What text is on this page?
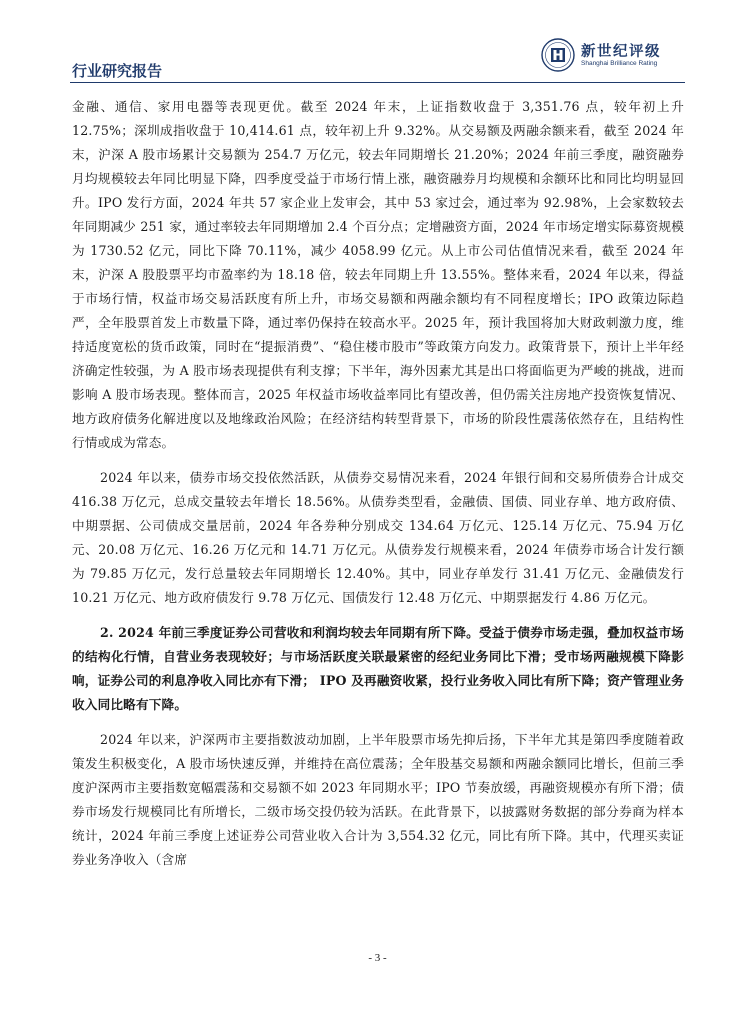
行业研究报告
新世纪评级
Shanghai Brilliance Rating

金融、通信、家用电器等表现更优。截至 2024 年末，上证指数收盘于 3,351.76 点，较年初上升 12.75%；深圳成指收盘于 10,414.61 点，较年初上升 9.32%。从交易额及两融余额来看，截至 2024 年末，沪深 A 股市场累计交易额为 254.7 万亿元，较去年同期增长 21.20%；2024 年前三季度，融资融券月均规模较去年同比明显下降，四季度受益于市场行情上涨，融资融券月均规模和余额环比和同比均明显回升。IPO 发行方面，2024 年共 57 家企业上发审会，其中 53 家过会，通过率为 92.98%，上会家数较去年同期减少 251 家，通过率较去年同期增加 2.4 个百分点；定增融资方面，2024 年市场定增实际募资规模为 1730.52 亿元，同比下降 70.11%，减少 4058.99 亿元。从上市公司估值情况来看，截至 2024 年末，沪深 A 股股票平均市盈率约为 18.18 倍，较去年同期上升 13.55%。整体来看，2024 年以来，得益于市场行情，权益市场交易活跃度有所上升，市场交易额和两融余额均有不同程度增长；IPO 政策边际趋严，全年股票首发上市数量下降，通过率仍保持在较高水平。2025 年，预计我国将加大财政刺激力度，维持适度宽松的货币政策，同时在“提振消费”、“稳住楼市股市”等政策方向发力。政策背景下，预计上半年经济确定性较强，为 A 股市场表现提供有利支撑；下半年，海外因素尤其是出口将面临更为严峻的挑战，进而影响 A 股市场表现。整体而言，2025 年权益市场收益率同比有望改善，但仍需关注房地产投资恢复情况、地方政府债务化解进度以及地缘政治风险；在经济结构转型背景下，市场的阶段性震荡依然存在，且结构性行情或成为常态。

2024 年以来，债券市场交投依然活跃，从债券交易情况来看，2024 年银行间和交易所债券合计成交 416.38 万亿元，总成交量较去年增长 18.56%。从债券类型看，金融债、国债、同业存单、地方政府债、中期票据、公司债成交量居前，2024 年各券种分别成交 134.64 万亿元、125.14 万亿元、75.94 万亿元、20.08 万亿元、16.26 万亿元和 14.71 万亿元。从债券发行规模来看，2024 年债券市场合计发行额为 79.85 万亿元，发行总量较去年同期增长 12.40%。其中，同业存单发行 31.41 万亿元、金融债发行 10.21 万亿元、地方政府债发行 9.78 万亿元、国债发行 12.48 万亿元、中期票据发行 4.86 万亿元。

2. 2024 年前三季度证券公司营收和利润均较去年同期有所下降。受益于债券市场走强，叠加权益市场的结构化行情，自营业务表现较好；与市场活跃度关联最紧密的经纪业务同比下滑；受市场两融规模下降影响，证券公司的利息净收入同比亦有下滑； IPO 及再融资收紧，投行业务收入同比有所下降；资产管理业务收入同比略有下降。

2024 年以来，沪深两市主要指数波动加剧，上半年股票市场先抑后扬，下半年尤其是第四季度随着政策发生积极变化，A 股市场快速反弹，并维持在高位震荡；全年股基交易额和两融余额同比增长，但前三季度沪深两市主要指数宽幅震荡和交易额不如 2023 年同期水平；IPO 节奏放缓，再融资规模亦有所下滑；债券市场发行规模同比有所增长，二级市场交投仍较为活跃。在此背景下，以披露财务数据的部分券商为样本统计，2024 年前三季度上述证券公司营业收入合计为 3,554.32 亿元，同比有所下降。其中，代理买卖证券业务净收入（含席

- 3 -
